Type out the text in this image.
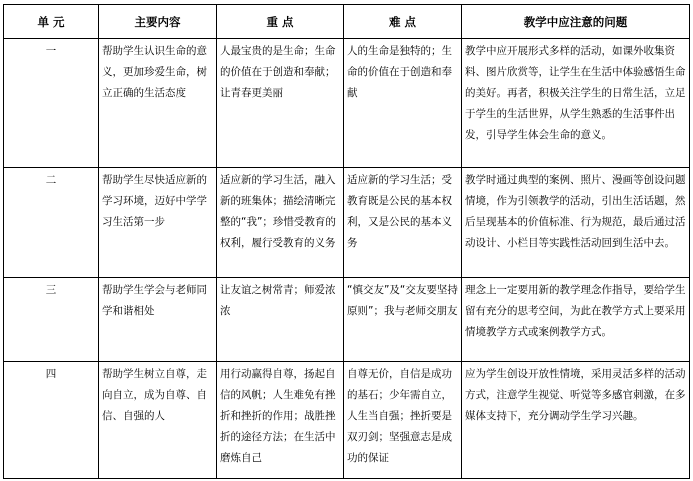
单 元	主要内容	重 点	难 点	教学中应注意的问题
一	帮助学生认识生命的意义，更加珍爱生命，树立正确的生活态度	人最宝贵的是生命；生命的价值在于创造和奉献；让青春更美丽	人的生命是独特的；生命的价值在于创造和奉献	教学中应开展形式多样的活动，如课外收集资料、图片欣赏等，让学生在生活中体验感悟生命的美好。再者，积极关注学生的日常生活，立足于学生的生活世界，从学生熟悉的生活事件出发，引导学生体会生命的意义。
二	帮助学生尽快适应新的学习环境，迈好中学学习生活第一步	适应新的学习生活，融入新的班集体；描绘清晰完整的“我”；珍惜受教育的权利，履行受教育的义务	适应新的学习生活；受教育既是公民的基本权利，又是公民的基本义务	教学时通过典型的案例、照片、漫画等创设问题情境，作为引领教学的活动，引出生活话题，然后呈现基本的价值标准、行为规范，最后通过活动设计、小栏目等实践性活动回到生活中去。
三	帮助学生学会与老师同学和谐相处	让友谊之树常青；师爱浓浓	“慎交友”及“交友要坚持原则”；我与老师交朋友	理念上一定要用新的教学理念作指导，要给学生留有充分的思考空间，为此在教学方式上要采用情境教学方式或案例教学方式。
四	帮助学生树立自尊，走向自立，成为自尊、自信、自强的人	用行动赢得自尊，扬起自信的风帆；人生难免有挫折和挫折的作用；战胜挫折的途径方法；在生活中磨炼自己	自尊无价，自信是成功的基石；少年需自立，人生当自强；挫折要是双刃剑；坚强意志是成功的保证	应为学生创设开放性情境，采用灵活多样的活动方式，注意学生视觉、听觉等多感官刺激，在多媒体支持下，充分调动学生学习兴趣。
